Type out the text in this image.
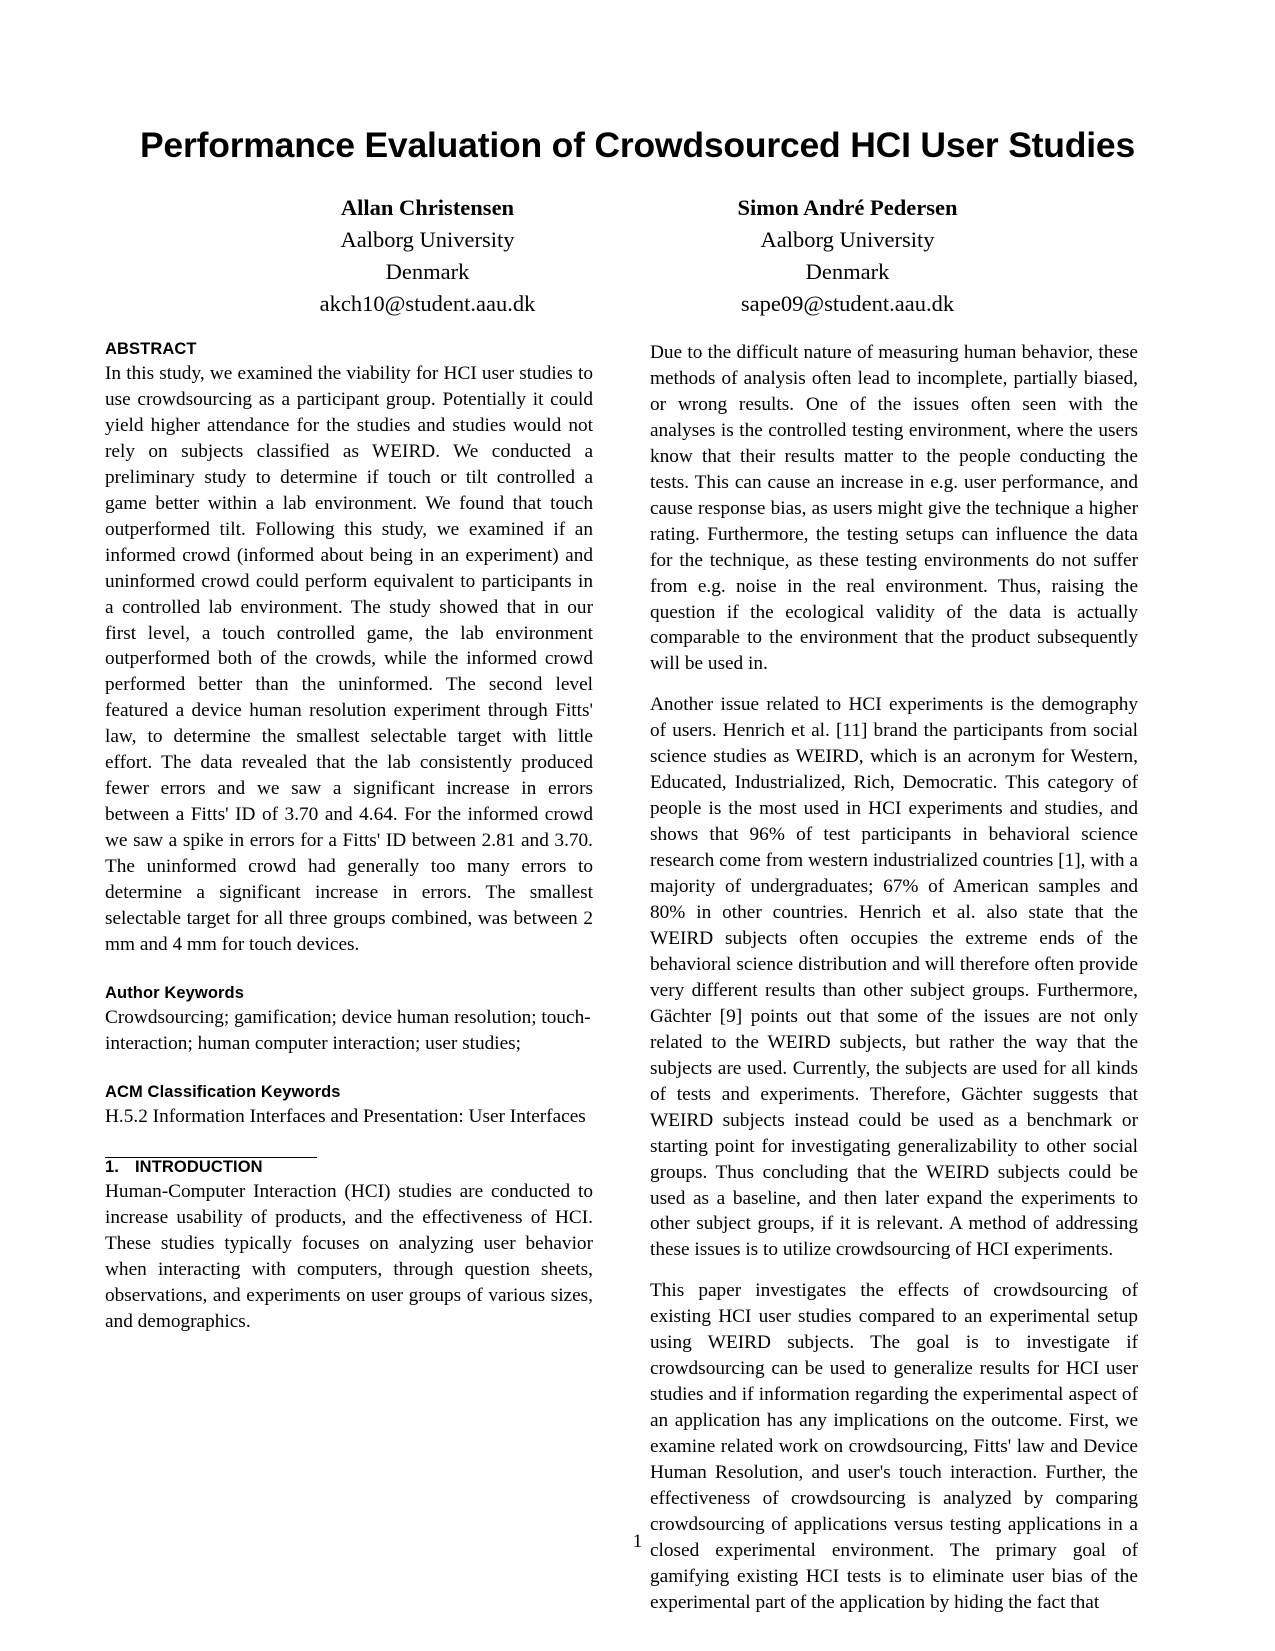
Performance Evaluation of Crowdsourced HCI User Studies
Allan Christensen
Aalborg University
Denmark
akch10@student.aau.dk
Simon André Pedersen
Aalborg University
Denmark
sape09@student.aau.dk
ABSTRACT

In this study, we examined the viability for HCI user studies to use crowdsourcing as a participant group. Potentially it could yield higher attendance for the studies and studies would not rely on subjects classified as WEIRD. We conducted a preliminary study to determine if touch or tilt controlled a game better within a lab environment. We found that touch outperformed tilt. Following this study, we examined if an informed crowd (informed about being in an experiment) and uninformed crowd could perform equivalent to participants in a controlled lab environment. The study showed that in our first level, a touch controlled game, the lab environment outperformed both of the crowds, while the informed crowd performed better than the uninformed. The second level featured a device human resolution experiment through Fitts' law, to determine the smallest selectable target with little effort. The data revealed that the lab consistently produced fewer errors and we saw a significant increase in errors between a Fitts' ID of 3.70 and 4.64. For the informed crowd we saw a spike in errors for a Fitts' ID between 2.81 and 3.70. The uninformed crowd had generally too many errors to determine a significant increase in errors. The smallest selectable target for all three groups combined, was between 2 mm and 4 mm for touch devices.

Author Keywords

Crowdsourcing; gamification; device human resolution; touch-interaction; human computer interaction; user studies;

ACM Classification Keywords

H.5.2 Information Interfaces and Presentation: User Interfaces

1. INTRODUCTION

Human-Computer Interaction (HCI) studies are conducted to increase usability of products, and the effectiveness of HCI. These studies typically focuses on analyzing user behavior when interacting with computers, through question sheets, observations, and experiments on user groups of various sizes, and demographics.

Due to the difficult nature of measuring human behavior, these methods of analysis often lead to incomplete, partially biased, or wrong results. One of the issues often seen with the analyses is the controlled testing environment, where the users know that their results matter to the people conducting the tests. This can cause an increase in e.g. user performance, and cause response bias, as users might give the technique a higher rating. Furthermore, the testing setups can influence the data for the technique, as these testing environments do not suffer from e.g. noise in the real environment. Thus, raising the question if the ecological validity of the data is actually comparable to the environment that the product subsequently will be used in.

Another issue related to HCI experiments is the demography of users. Henrich et al. [11] brand the participants from social science studies as WEIRD, which is an acronym for Western, Educated, Industrialized, Rich, Democratic. This category of people is the most used in HCI experiments and studies, and shows that 96% of test participants in behavioral science research come from western industrialized countries [1], with a majority of undergraduates; 67% of American samples and 80% in other countries. Henrich et al. also state that the WEIRD subjects often occupies the extreme ends of the behavioral science distribution and will therefore often provide very different results than other subject groups. Furthermore, Gächter [9] points out that some of the issues are not only related to the WEIRD subjects, but rather the way that the subjects are used. Currently, the subjects are used for all kinds of tests and experiments. Therefore, Gächter suggests that WEIRD subjects instead could be used as a benchmark or starting point for investigating generalizability to other social groups. Thus concluding that the WEIRD subjects could be used as a baseline, and then later expand the experiments to other subject groups, if it is relevant. A method of addressing these issues is to utilize crowdsourcing of HCI experiments.

This paper investigates the effects of crowdsourcing of existing HCI user studies compared to an experimental setup using WEIRD subjects. The goal is to investigate if crowdsourcing can be used to generalize results for HCI user studies and if information regarding the experimental aspect of an application has any implications on the outcome. First, we examine related work on crowdsourcing, Fitts' law and Device Human Resolution, and user's touch interaction. Further, the effectiveness of crowdsourcing is analyzed by comparing crowdsourcing of applications versus testing applications in a closed experimental environment. The primary goal of gamifying existing HCI tests is to eliminate user bias of the experimental part of the application by hiding the fact that

1
